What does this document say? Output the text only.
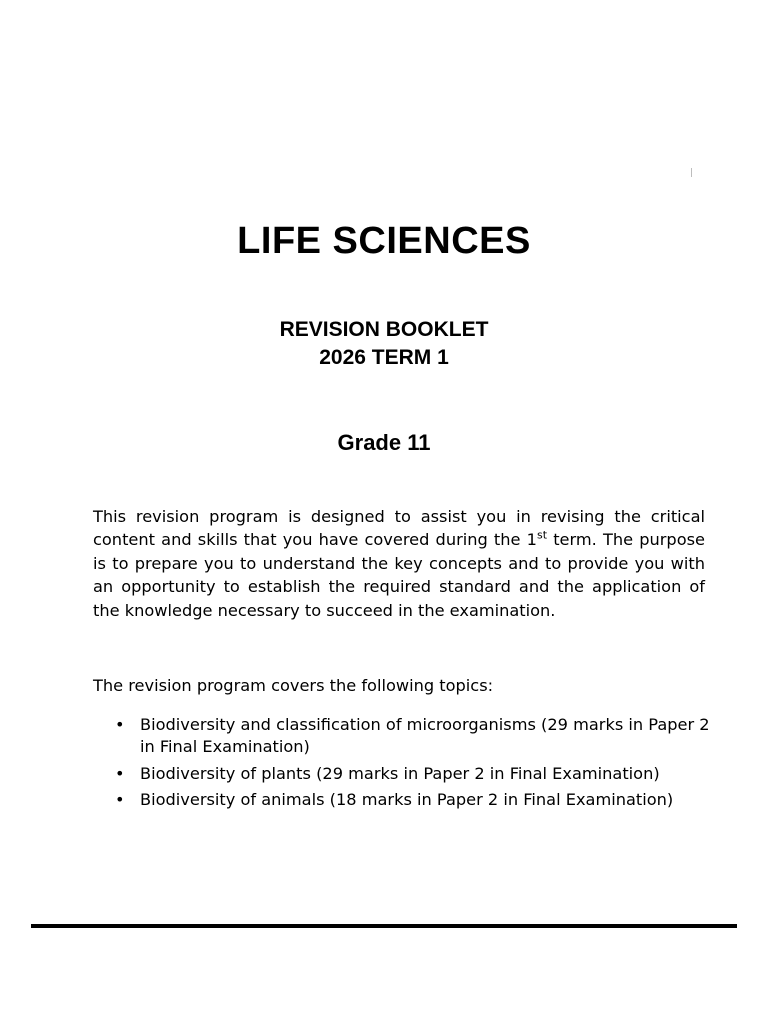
LIFE SCIENCES

REVISION BOOKLET

2026 TERM 1

Grade 11

This revision program is designed to assist you in revising the critical content and skills that you have covered during the 1st term. The purpose is to prepare you to understand the key concepts and to provide you with an opportunity to establish the required standard and the application of the knowledge necessary to succeed in the examination.

The revision program covers the following topics:

• Biodiversity and classification of microorganisms (29 marks in Paper 2 in Final Examination)
• Biodiversity of plants (29 marks in Paper 2 in Final Examination)
• Biodiversity of animals (18 marks in Paper 2 in Final Examination)
